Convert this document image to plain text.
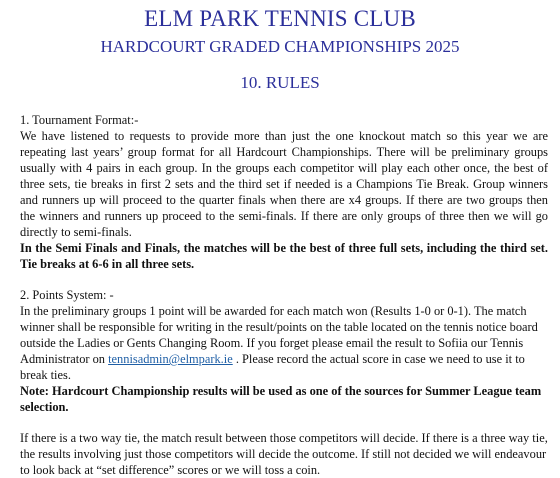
ELM PARK TENNIS CLUB
HARDCOURT GRADED CHAMPIONSHIPS 2025
10. RULES

1. Tournament Format:-

We have listened to requests to provide more than just the one knockout match so this year we are repeating last years’ group format for all Hardcourt Championships. There will be preliminary groups usually with 4 pairs in each group. In the groups each competitor will play each other once, the best of three sets, tie breaks in first 2 sets and the third set if needed is a Champions Tie Break. Group winners and runners up will proceed to the quarter finals when there are x4 groups. If there are two groups then the winners and runners up proceed to the semi-finals. If there are only groups of three then we will go directly to semi-finals.

In the Semi Finals and Finals, the matches will be the best of three full sets, including the third set. Tie breaks at 6-6 in all three sets.

2. Points System: -

In the preliminary groups 1 point will be awarded for each match won (Results 1-0 or 0-1). The match winner shall be responsible for writing in the result/points on the table located on the tennis notice board outside the Ladies or Gents Changing Room. If you forget please email the result to Sofiia our Tennis Administrator on tennisadmin@elmpark.ie . Please record the actual score in case we need to use it to break ties.

Note: Hardcourt Championship results will be used as one of the sources for Summer League team selection.

If there is a two way tie, the match result between those competitors will decide. If there is a three way tie, the results involving just those competitors will decide the outcome. If still not decided we will endeavour to look back at “set difference” scores or we will toss a coin.
